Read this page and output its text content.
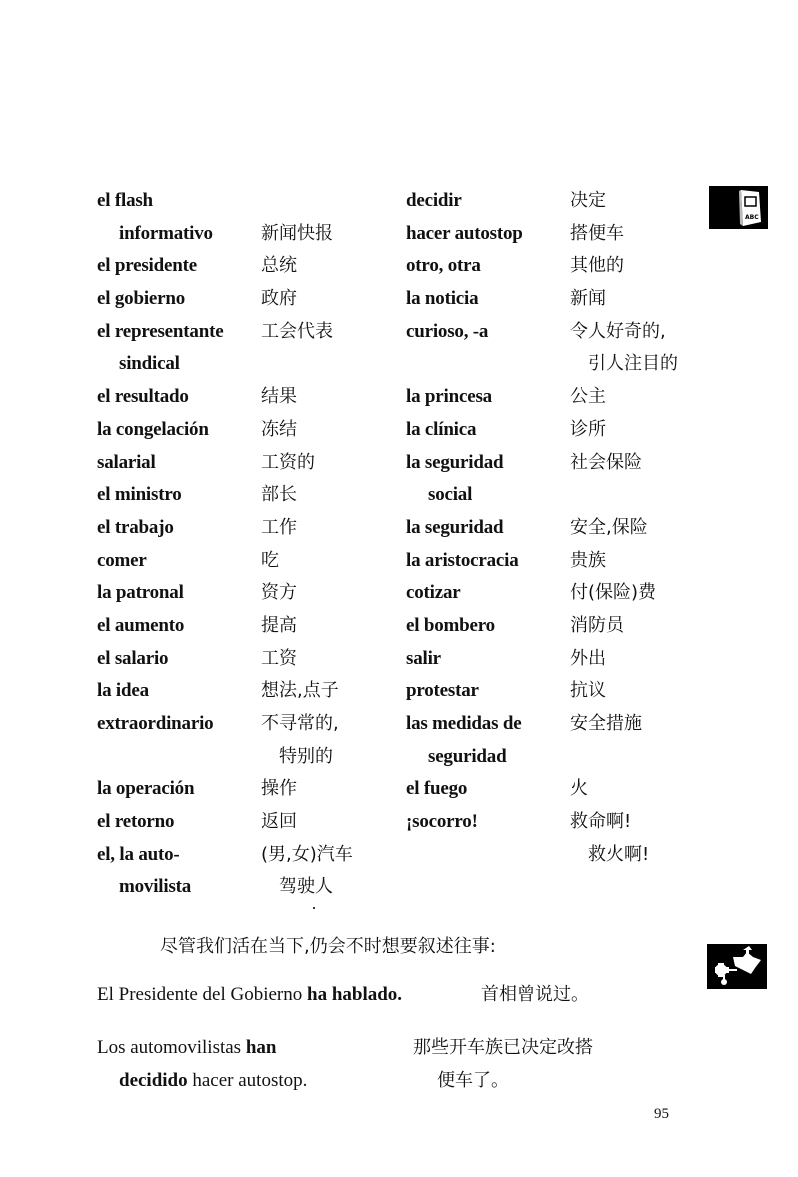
el flash
informativo	新闻快报
el presidente	总统
el gobierno	政府
el representante 工会代表
sindical
el resultado	结果
la congelación	冻结
salarial	工资的
el ministro	部长
el trabajo	工作
comer	吃
la patronal	资方
el aumento	提高
el salario	工资
la idea	想法,点子
extraordinario	不寻常的,
特别的
la operación	操作
el retorno	返回
el, la auto-	(男,女)汽车
movilista	驾驶人
decidir	决定
hacer autostop	搭便车
otro, otra	其他的
la noticia	新闻
curioso, -a	令人好奇的,
引人注目的
la princesa	公主
la clínica	诊所
la seguridad	社会保险
social
la seguridad	安全,保险
la aristocracia	贵族
cotizar	付(保险)费
el bombero	消防员
salir	外出
protestar	抗议
las medidas de	安全措施
seguridad
el fuego	火
¡socorro!	救命啊!
救火啊!
ABC
尽管我们活在当下,仍会不时想要叙述往事:
El Presidente del Gobierno ha hablado.	首相曾说过。
Los automovilistas han
decidido hacer autostop.
那些开车族已决定改搭
便车了。
95
